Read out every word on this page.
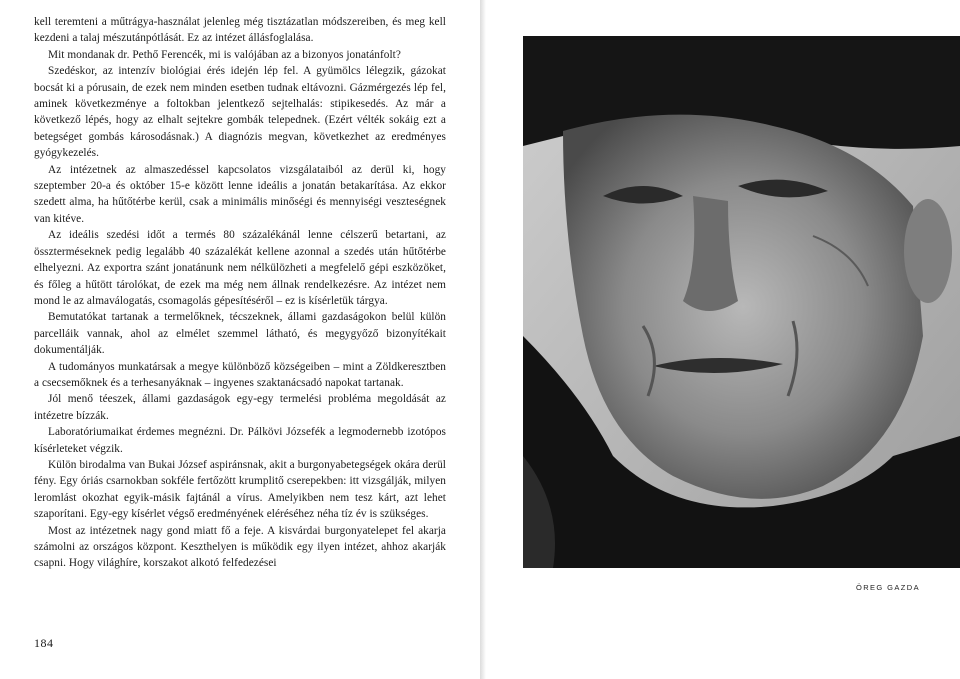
kell teremteni a műtrágya-használat jelenleg még tisztázatlan módszereiben, és meg kell kezdeni a talaj mészutánpótlását. Ez az intézet állásfoglalása.

Mit mondanak dr. Pethő Ferencék, mi is valójában az a bizonyos jonatánfolt?

Szedéskor, az intenzív biológiai érés idején lép fel. A gyümölcs lélegzik, gázokat bocsát ki a pórusain, de ezek nem minden esetben tudnak eltávozni. Gázmérgezés lép fel, aminek következménye a foltokban jelentkező sejtelhalás: stipikesedés. Az már a következő lépés, hogy az elhalt sejtekre gombák telepednek. (Ezért vélték sokáig ezt a betegséget gombás károsodásnak.) A diagnózis megvan, következhet az eredményes gyógykezelés.

Az intézetnek az almaszedéssel kapcsolatos vizsgálataiból az derül ki, hogy szeptember 20-a és október 15-e között lenne ideális a jonatán betakarítása. Az ekkor szedett alma, ha hűtőtérbe kerül, csak a minimális minőségi és mennyiségi veszteségnek van kitéve.

Az ideális szedési időt a termés 80 százalékánál lenne célszerű betartani, az összterméseknek pedig legalább 40 százalékát kellene azonnal a szedés után hűtőtérbe elhelyezni. Az exportra szánt jonatánunk nem nélkülözheti a megfelelő gépi eszközöket, és főleg a hűtött tárolókat, de ezek ma még nem állnak rendelkezésre. Az intézet nem mond le az almaválogatás, csomagolás gépesítéséről – ez is kísérletük tárgya.

Bemutatókat tartanak a termelőknek, técszeknek, állami gazdaságokon belül külön parcelláik vannak, ahol az elmélet szemmel látható, és megygyőző bizonyítékait dokumentálják.

A tudományos munkatársak a megye különböző községeiben – mint a Zöldkeresztben a csecsemőknek és a terhesanyáknak – ingyenes szaktanácsadó napokat tartanak.

Jól menő téeszek, állami gazdaságok egy-egy termelési probléma megoldását az intézetre bízzák.

Laboratóriumaikat érdemes megnézni. Dr. Pálkövi Józsefék a legmodernebb izotópos kísérleteket végzik.

Külön birodalma van Bukai József aspiránsnak, akit a burgonyabetegségek okára derül fény. Egy óriás csarnokban sokféle fertőzött krumplitő cserepekben: itt vizsgálják, milyen leromlást okozhat egyik-másik fajtánál a vírus. Amelyikben nem tesz kárt, azt lehet szaporítani. Egy-egy kísérlet végső eredményének eléréséhez néha tíz év is szükséges.

Most az intézetnek nagy gond miatt fő a feje. A kisvárdai burgonyatelepet fel akarja számolni az országos központ. Keszthelyen is működik egy ilyen intézet, ahhoz akarják csapni. Hogy világhíre, korszakot alkotó felfedezései

184
ÖREG GAZDA
